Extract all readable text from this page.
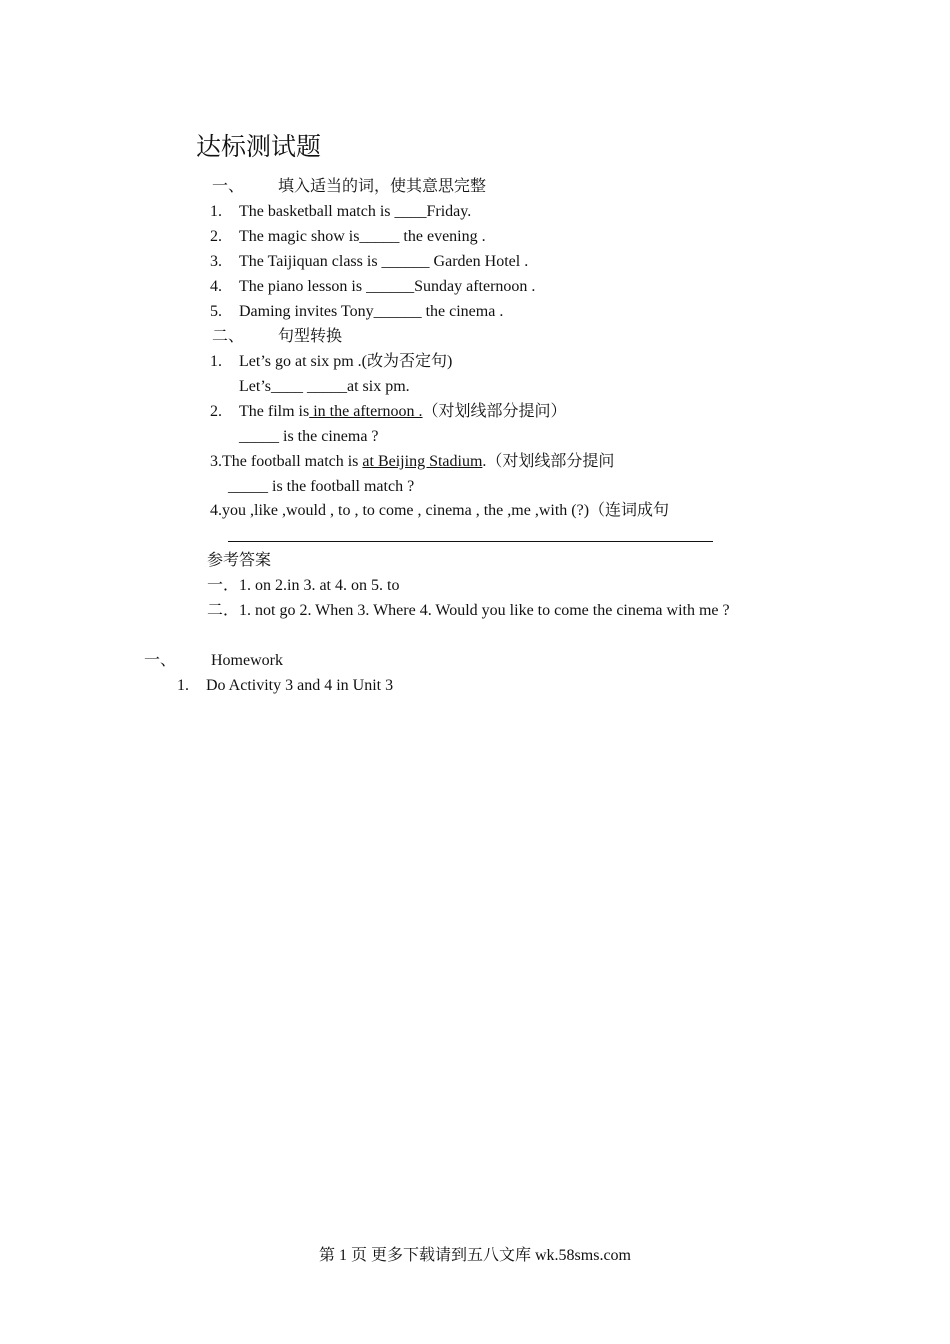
达标测试题
一、 填入适当的词，使其意思完整
1. The basketball match is ____Friday.
2. The magic show is_____ the evening .
3. The Taijiquan class is ______ Garden Hotel .
4. The piano lesson is ______Sunday afternoon .
5. Daming invites Tony______ the cinema .
二、 句型转换
1. Let’s go at six pm .(改为否定句)
Let’s____ _____at six pm.
2. The film is in the afternoon .（对划线部分提问）
_____ is the cinema ?
3.The football match is at Beijing Stadium.（对划线部分提问
_____ is the football match ?
4.you ,like ,would , to , to come , cinema , the ,me ,with (?)（连词成句
参考答案
一．1. on 2.in 3. at 4. on 5. to
二．1. not go 2. When 3. Where 4. Would you like to come the cinema with me ?
一、 Homework
1. Do Activity 3 and 4 in Unit 3
第 1 页 更多下载请到五八文库 wk.58sms.com
